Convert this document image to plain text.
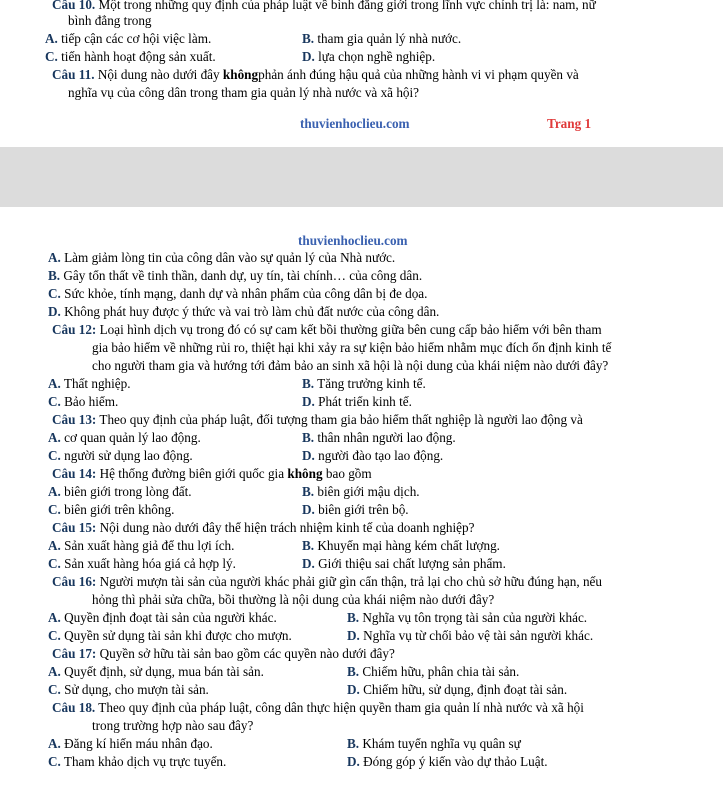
Câu 10. Một trong những quy định của pháp luật về bình đẳng giới trong lĩnh vực chính trị là: nam, nữ
bình đẳng trong
A. tiếp cận các cơ hội việc làm.	B. tham gia quản lý nhà nước.
C. tiến hành hoạt động sản xuất.	D. lựa chọn nghề nghiệp.
Câu 11. Nội dung nào dưới đây khôngphản ánh đúng hậu quả của những hành vi vi phạm quyền và
nghĩa vụ của công dân trong tham gia quản lý nhà nước và xã hội?
thuvienhoclieu.com	Trang 1
thuvienhoclieu.com
A. Làm giảm lòng tin của công dân vào sự quản lý của Nhà nước.
B. Gây tổn thất về tinh thần, danh dự, uy tín, tài chính… của công dân.
C. Sức khỏe, tính mạng, danh dự và nhân phẩm của công dân bị đe dọa.
D. Không phát huy được ý thức và vai trò làm chủ đất nước của công dân.
Câu 12: Loại hình dịch vụ trong đó có sự cam kết bồi thường giữa bên cung cấp bảo hiểm với bên tham
gia bảo hiểm về những rủi ro, thiệt hại khi xảy ra sự kiện bảo hiểm nhằm mục đích ổn định kinh tế
cho người tham gia và hướng tới đảm bảo an sinh xã hội là nội dung của khái niệm nào dưới đây?
A. Thất nghiệp.	B. Tăng trưởng kinh tế.
C. Bảo hiểm.	D. Phát triển kinh tế.
Câu 13: Theo quy định của pháp luật, đối tượng tham gia bảo hiểm thất nghiệp là người lao động và
A. cơ quan quản lý lao động.	B. thân nhân người lao động.
C. người sử dụng lao động.	D. người đào tạo lao động.
Câu 14: Hệ thống đường biên giới quốc gia không bao gồm
A. biên giới trong lòng đất.	B. biên giới mậu dịch.
C. biên giới trên không.	D. biên giới trên bộ.
Câu 15: Nội dung nào dưới đây thể hiện trách nhiệm kinh tế của doanh nghiệp?
A. Sản xuất hàng giả để thu lợi ích.	B. Khuyến mại hàng kém chất lượng.
C. Sản xuất hàng hóa giá cả hợp lý.	D. Giới thiệu sai chất lượng sản phẩm.
Câu 16: Người mượn tài sản của người khác phải giữ gìn cẩn thận, trả lại cho chủ sở hữu đúng hạn, nếu
hỏng thì phải sửa chữa, bồi thường là nội dung của khái niệm nào dưới đây?
A. Quyền định đoạt tài sản của người khác.	B. Nghĩa vụ tôn trọng tài sản của người khác.
C. Quyền sử dụng tài sản khi được cho mượn.	D. Nghĩa vụ từ chối bảo vệ tài sản người khác.
Câu 17: Quyền sở hữu tài sản bao gồm các quyền nào dưới đây?
A. Quyết định, sử dụng, mua bán tài sản.	B. Chiếm hữu, phân chia tài sản.
C. Sử dụng, cho mượn tài sản.	D. Chiếm hữu, sử dụng, định đoạt tài sản.
Câu 18. Theo quy định của pháp luật, công dân thực hiện quyền tham gia quản lí nhà nước và xã hội
trong trường hợp nào sau đây?
A. Đăng kí hiến máu nhân đạo.	B. Khám tuyển nghĩa vụ quân sự
C. Tham khảo dịch vụ trực tuyến.	D. Đóng góp ý kiến vào dự thảo Luật.
